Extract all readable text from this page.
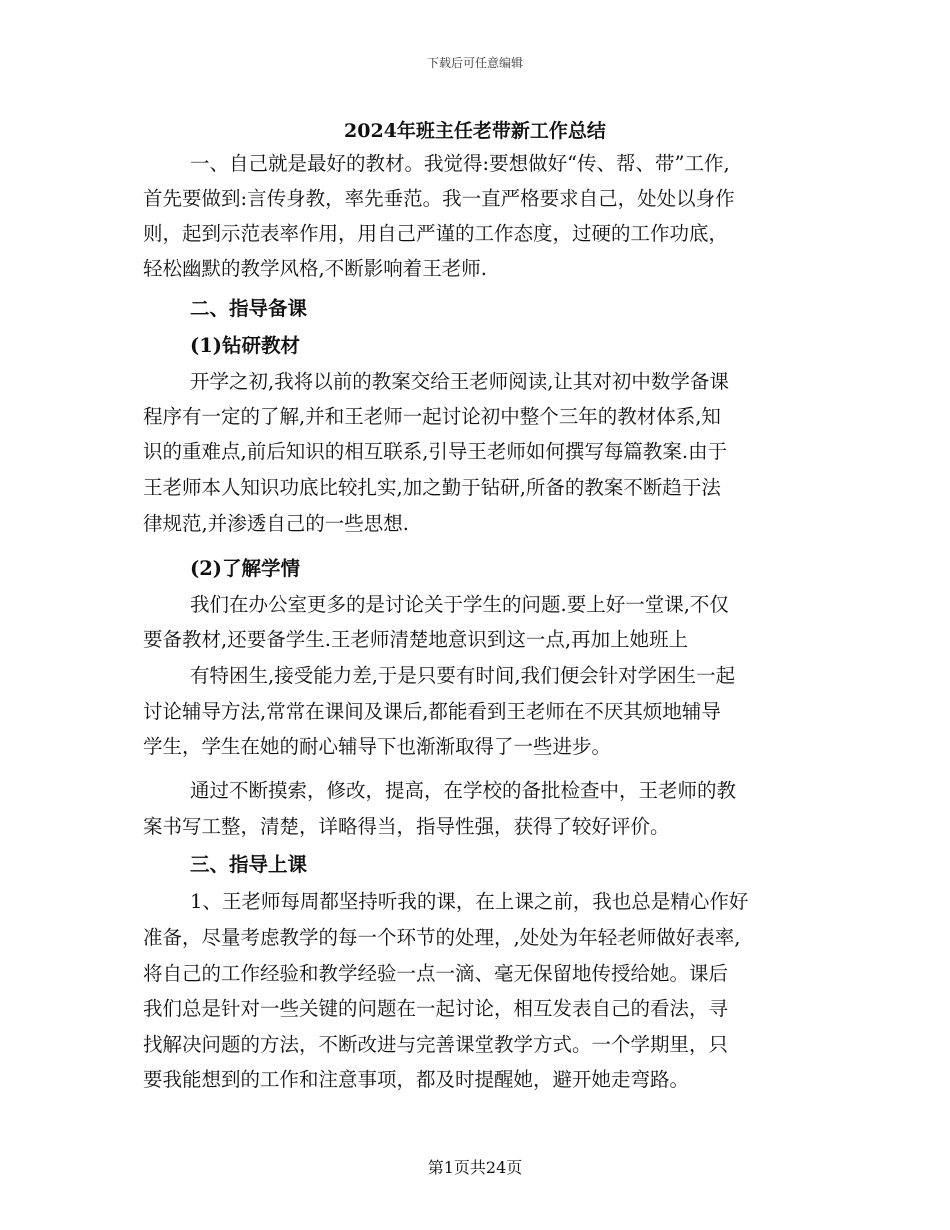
下载后可任意编辑
2024年班主任老带新工作总结
一、自己就是最好的教材。我觉得:要想做好“传、帮、带”工作,
首先要做到:言传身教，率先垂范。我一直严格要求自己，处处以身作
则，起到示范表率作用，用自己严谨的工作态度，过硬的工作功底，
轻松幽默的教学风格,不断影响着王老师.
二、指导备课
(1)钻研教材
开学之初,我将以前的教案交给王老师阅读,让其对初中数学备课
程序有一定的了解,并和王老师一起讨论初中整个三年的教材体系,知
识的重难点,前后知识的相互联系,引导王老师如何撰写每篇教案.由于
王老师本人知识功底比较扎实,加之勤于钻研,所备的教案不断趋于法
律规范,并渗透自己的一些思想.
(2)了解学情
我们在办公室更多的是讨论关于学生的问题.要上好一堂课,不仅
要备教材,还要备学生.王老师清楚地意识到这一点,再加上她班上
有特困生,接受能力差,于是只要有时间,我们便会针对学困生一起
讨论辅导方法,常常在课间及课后,都能看到王老师在不厌其烦地辅导
学生，学生在她的耐心辅导下也渐渐取得了一些进步。
通过不断摸索，修改，提高，在学校的备批检查中，王老师的教
案书写工整，清楚，详略得当，指导性强，获得了较好评价。
三、指导上课
1、王老师每周都坚持听我的课，在上课之前，我也总是精心作好
准备，尽量考虑教学的每一个环节的处理，,处处为年轻老师做好表率,
将自己的工作经验和教学经验一点一滴、毫无保留地传授给她。课后
我们总是针对一些关键的问题在一起讨论，相互发表自己的看法，寻
找解决问题的方法，不断改进与完善课堂教学方式。一个学期里，只
要我能想到的工作和注意事项，都及时提醒她，避开她走弯路。
第1页共24页
